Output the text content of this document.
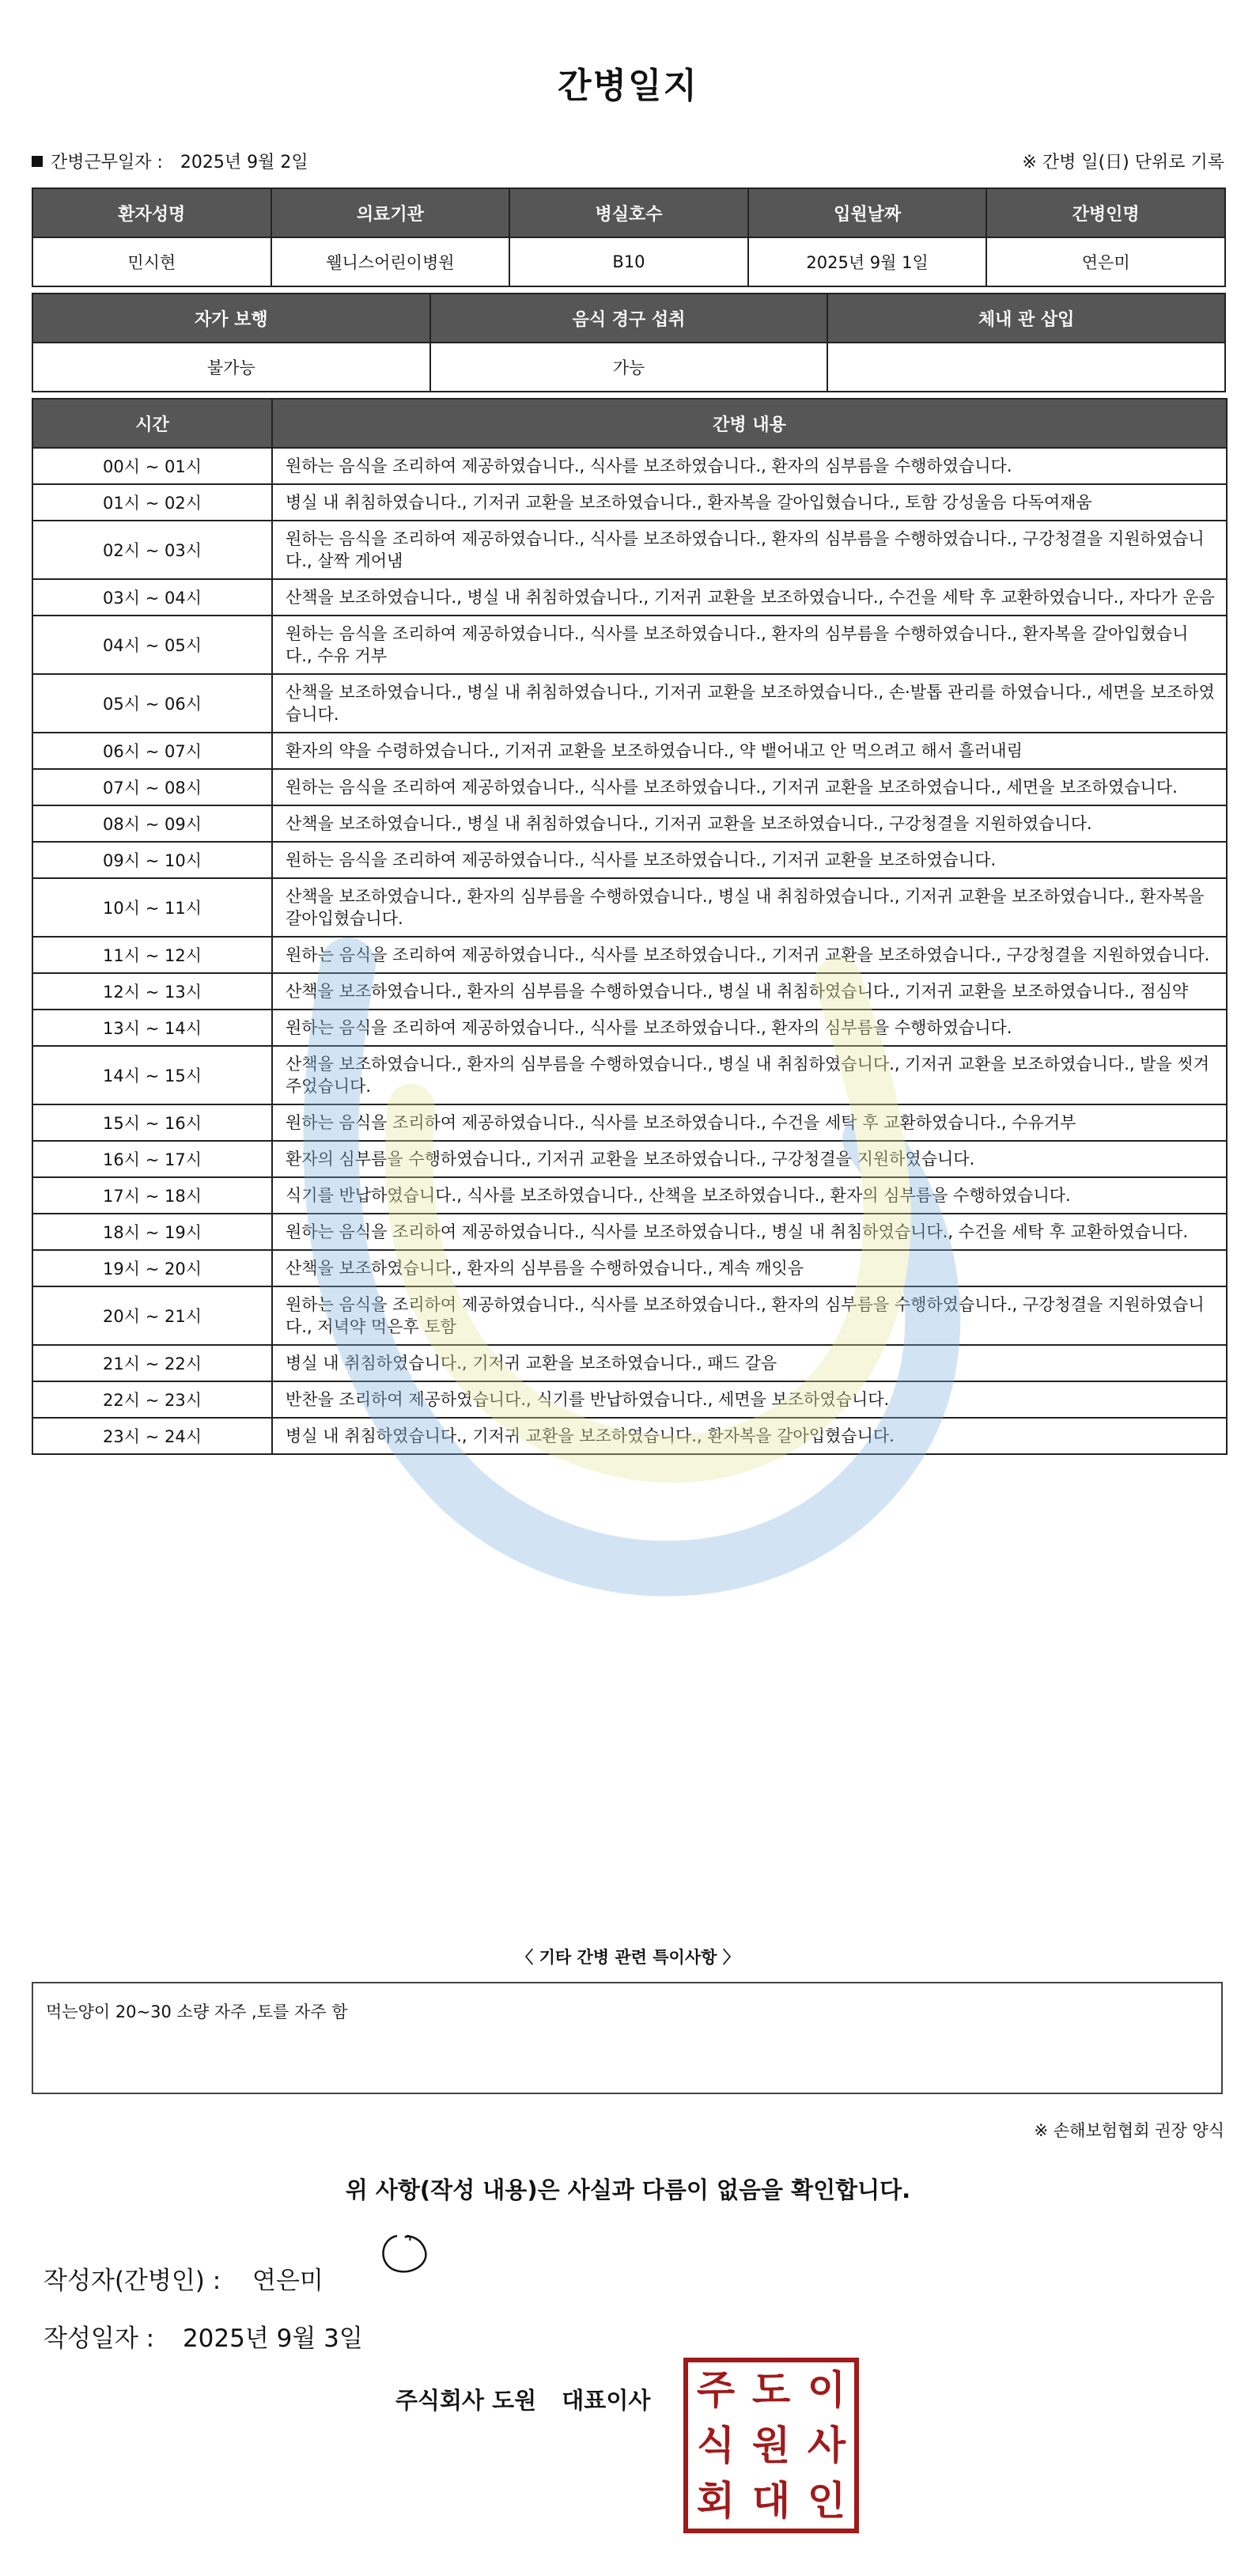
간병일지
간병근무일자 : 2025년 9월 2일	※ 간병 일(日) 단위로 기록
환자성명	의료기관	병실호수	입원날짜	간병인명
민시현	웰니스어린이병원	B10	2025년 9월 1일	연은미
자가 보행	음식 경구 섭취	체내 관 삽입
불가능	가능	
시간	간병 내용
00시 ~ 01시	원하는 음식을 조리하여 제공하였습니다., 식사를 보조하였습니다., 환자의 심부름을 수행하였습니다.
01시 ~ 02시	병실 내 취침하였습니다., 기저귀 교환을 보조하였습니다., 환자복을 갈아입혔습니다., 토함 강성울음 다독여재움
02시 ~ 03시	원하는 음식을 조리하여 제공하였습니다., 식사를 보조하였습니다., 환자의 심부름을 수행하였습니다., 구강청결을 지원하였습니다., 살짝 게어냄
03시 ~ 04시	산책을 보조하였습니다., 병실 내 취침하였습니다., 기저귀 교환을 보조하였습니다., 수건을 세탁 후 교환하였습니다., 자다가 운음
04시 ~ 05시	원하는 음식을 조리하여 제공하였습니다., 식사를 보조하였습니다., 환자의 심부름을 수행하였습니다., 환자복을 갈아입혔습니다., 수유 거부
05시 ~ 06시	산책을 보조하였습니다., 병실 내 취침하였습니다., 기저귀 교환을 보조하였습니다., 손·발톱 관리를 하였습니다., 세면을 보조하였습니다.
06시 ~ 07시	환자의 약을 수령하였습니다., 기저귀 교환을 보조하였습니다., 약 뱉어내고 안 먹으려고 해서 흘러내림
07시 ~ 08시	원하는 음식을 조리하여 제공하였습니다., 식사를 보조하였습니다., 기저귀 교환을 보조하였습니다., 세면을 보조하였습니다.
08시 ~ 09시	산책을 보조하였습니다., 병실 내 취침하였습니다., 기저귀 교환을 보조하였습니다., 구강청결을 지원하였습니다.
09시 ~ 10시	원하는 음식을 조리하여 제공하였습니다., 식사를 보조하였습니다., 기저귀 교환을 보조하였습니다.
10시 ~ 11시	산책을 보조하였습니다., 환자의 심부름을 수행하였습니다., 병실 내 취침하였습니다., 기저귀 교환을 보조하였습니다., 환자복을 갈아입혔습니다.
11시 ~ 12시	원하는 음식을 조리하여 제공하였습니다., 식사를 보조하였습니다., 기저귀 교환을 보조하였습니다., 구강청결을 지원하였습니다.
12시 ~ 13시	산책을 보조하였습니다., 환자의 심부름을 수행하였습니다., 병실 내 취침하였습니다., 기저귀 교환을 보조하였습니다., 점심약
13시 ~ 14시	원하는 음식을 조리하여 제공하였습니다., 식사를 보조하였습니다., 환자의 심부름을 수행하였습니다.
14시 ~ 15시	산책을 보조하였습니다., 환자의 심부름을 수행하였습니다., 병실 내 취침하였습니다., 기저귀 교환을 보조하였습니다., 발을 씻겨주었습니다.
15시 ~ 16시	원하는 음식을 조리하여 제공하였습니다., 식사를 보조하였습니다., 수건을 세탁 후 교환하였습니다., 수유거부
16시 ~ 17시	환자의 심부름을 수행하였습니다., 기저귀 교환을 보조하였습니다., 구강청결을 지원하였습니다.
17시 ~ 18시	식기를 반납하였습니다., 식사를 보조하였습니다., 산책을 보조하였습니다., 환자의 심부름을 수행하였습니다.
18시 ~ 19시	원하는 음식을 조리하여 제공하였습니다., 식사를 보조하였습니다., 병실 내 취침하였습니다., 수건을 세탁 후 교환하였습니다.
19시 ~ 20시	산책을 보조하였습니다., 환자의 심부름을 수행하였습니다., 계속 깨잇음
20시 ~ 21시	원하는 음식을 조리하여 제공하였습니다., 식사를 보조하였습니다., 환자의 심부름을 수행하였습니다., 구강청결을 지원하였습니다., 저녁약 먹은후 토함
21시 ~ 22시	병실 내 취침하였습니다., 기저귀 교환을 보조하였습니다., 패드 갈음
22시 ~ 23시	반찬을 조리하여 제공하였습니다., 식기를 반납하였습니다., 세면을 보조하였습니다.
23시 ~ 24시	병실 내 취침하였습니다., 기저귀 교환을 보조하였습니다., 환자복을 갈아입혔습니다.
〈 기타 간병 관련 특이사항 〉
먹는양이 20~30 소량 자주 ,토를 자주 함
※ 손해보험협회 권장 양식
위 사항(작성 내용)은 사실과 다름이 없음을 확인합니다.
작성자(간병인) : 연은미
작성일자 : 2025년 9월 3일
주식회사 도원 대표이사 주 도 이
식 원 사
회 대 인
